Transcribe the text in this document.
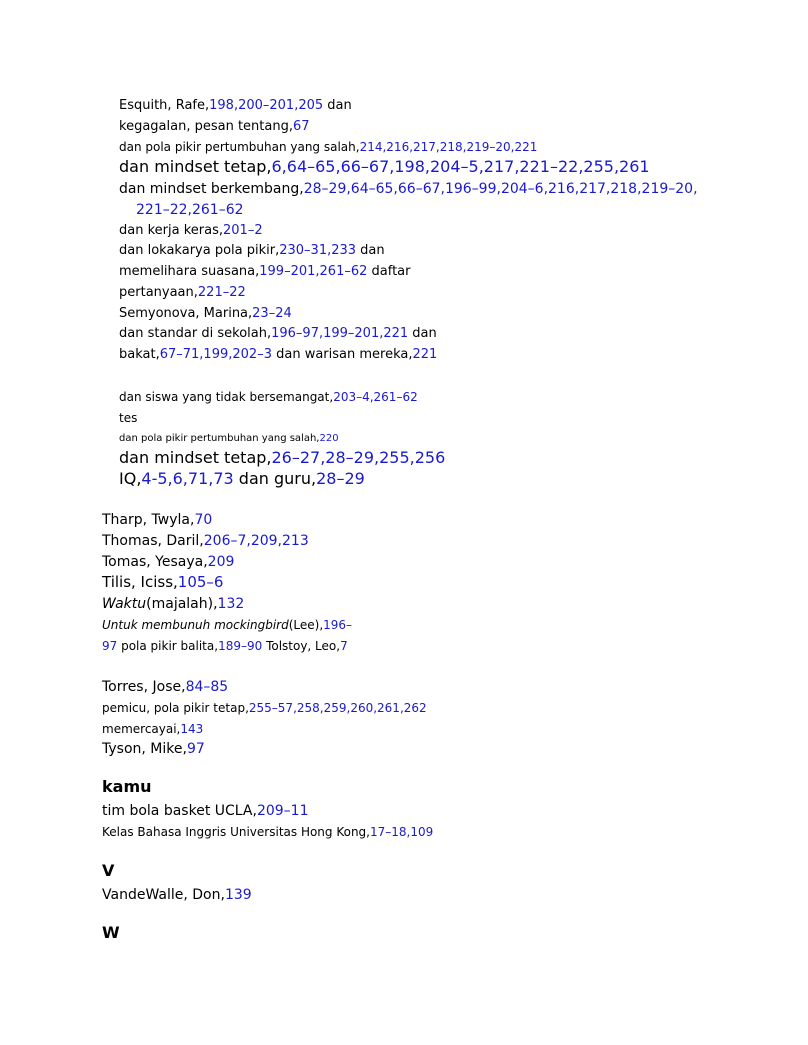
Esquith, Rafe,198,200–201,205 dan
kegagalan, pesan tentang,67
dan pola pikir pertumbuhan yang salah,214,216,217,218,219–20,221
dan mindset tetap,6,64–65,66–67,198,204–5,217,221–22,255,261
dan mindset berkembang,28–29,64–65,66–67,196–99,204–6,216,217,218,219–20,
221–22,261–62
dan kerja keras,201–2
dan lokakarya pola pikir,230–31,233 dan
memelihara suasana,199–201,261–62 daftar
pertanyaan,221–22
Semyonova, Marina,23–24
dan standar di sekolah,196–97,199–201,221 dan
bakat,67–71,199,202–3 dan warisan mereka,221
dan siswa yang tidak bersemangat,203–4,261–62
tes
dan pola pikir pertumbuhan yang salah,220
dan mindset tetap,26–27,28–29,255,256
IQ,4-5,6,71,73 dan guru,28–29
Tharp, Twyla,70
Thomas, Daril,206–7,209,213
Tomas, Yesaya,209
Tilis, Iciss,105–6
Waktu(majalah),132
Untuk membunuh mockingbird(Lee),196–
97 pola pikir balita,189–90 Tolstoy, Leo,7
Torres, Jose,84–85
pemicu, pola pikir tetap,255–57,258,259,260,261,262
memercayai,143
Tyson, Mike,97
kamu
tim bola basket UCLA,209–11
Kelas Bahasa Inggris Universitas Hong Kong,17–18,109
V
VandeWalle, Don,139
W
